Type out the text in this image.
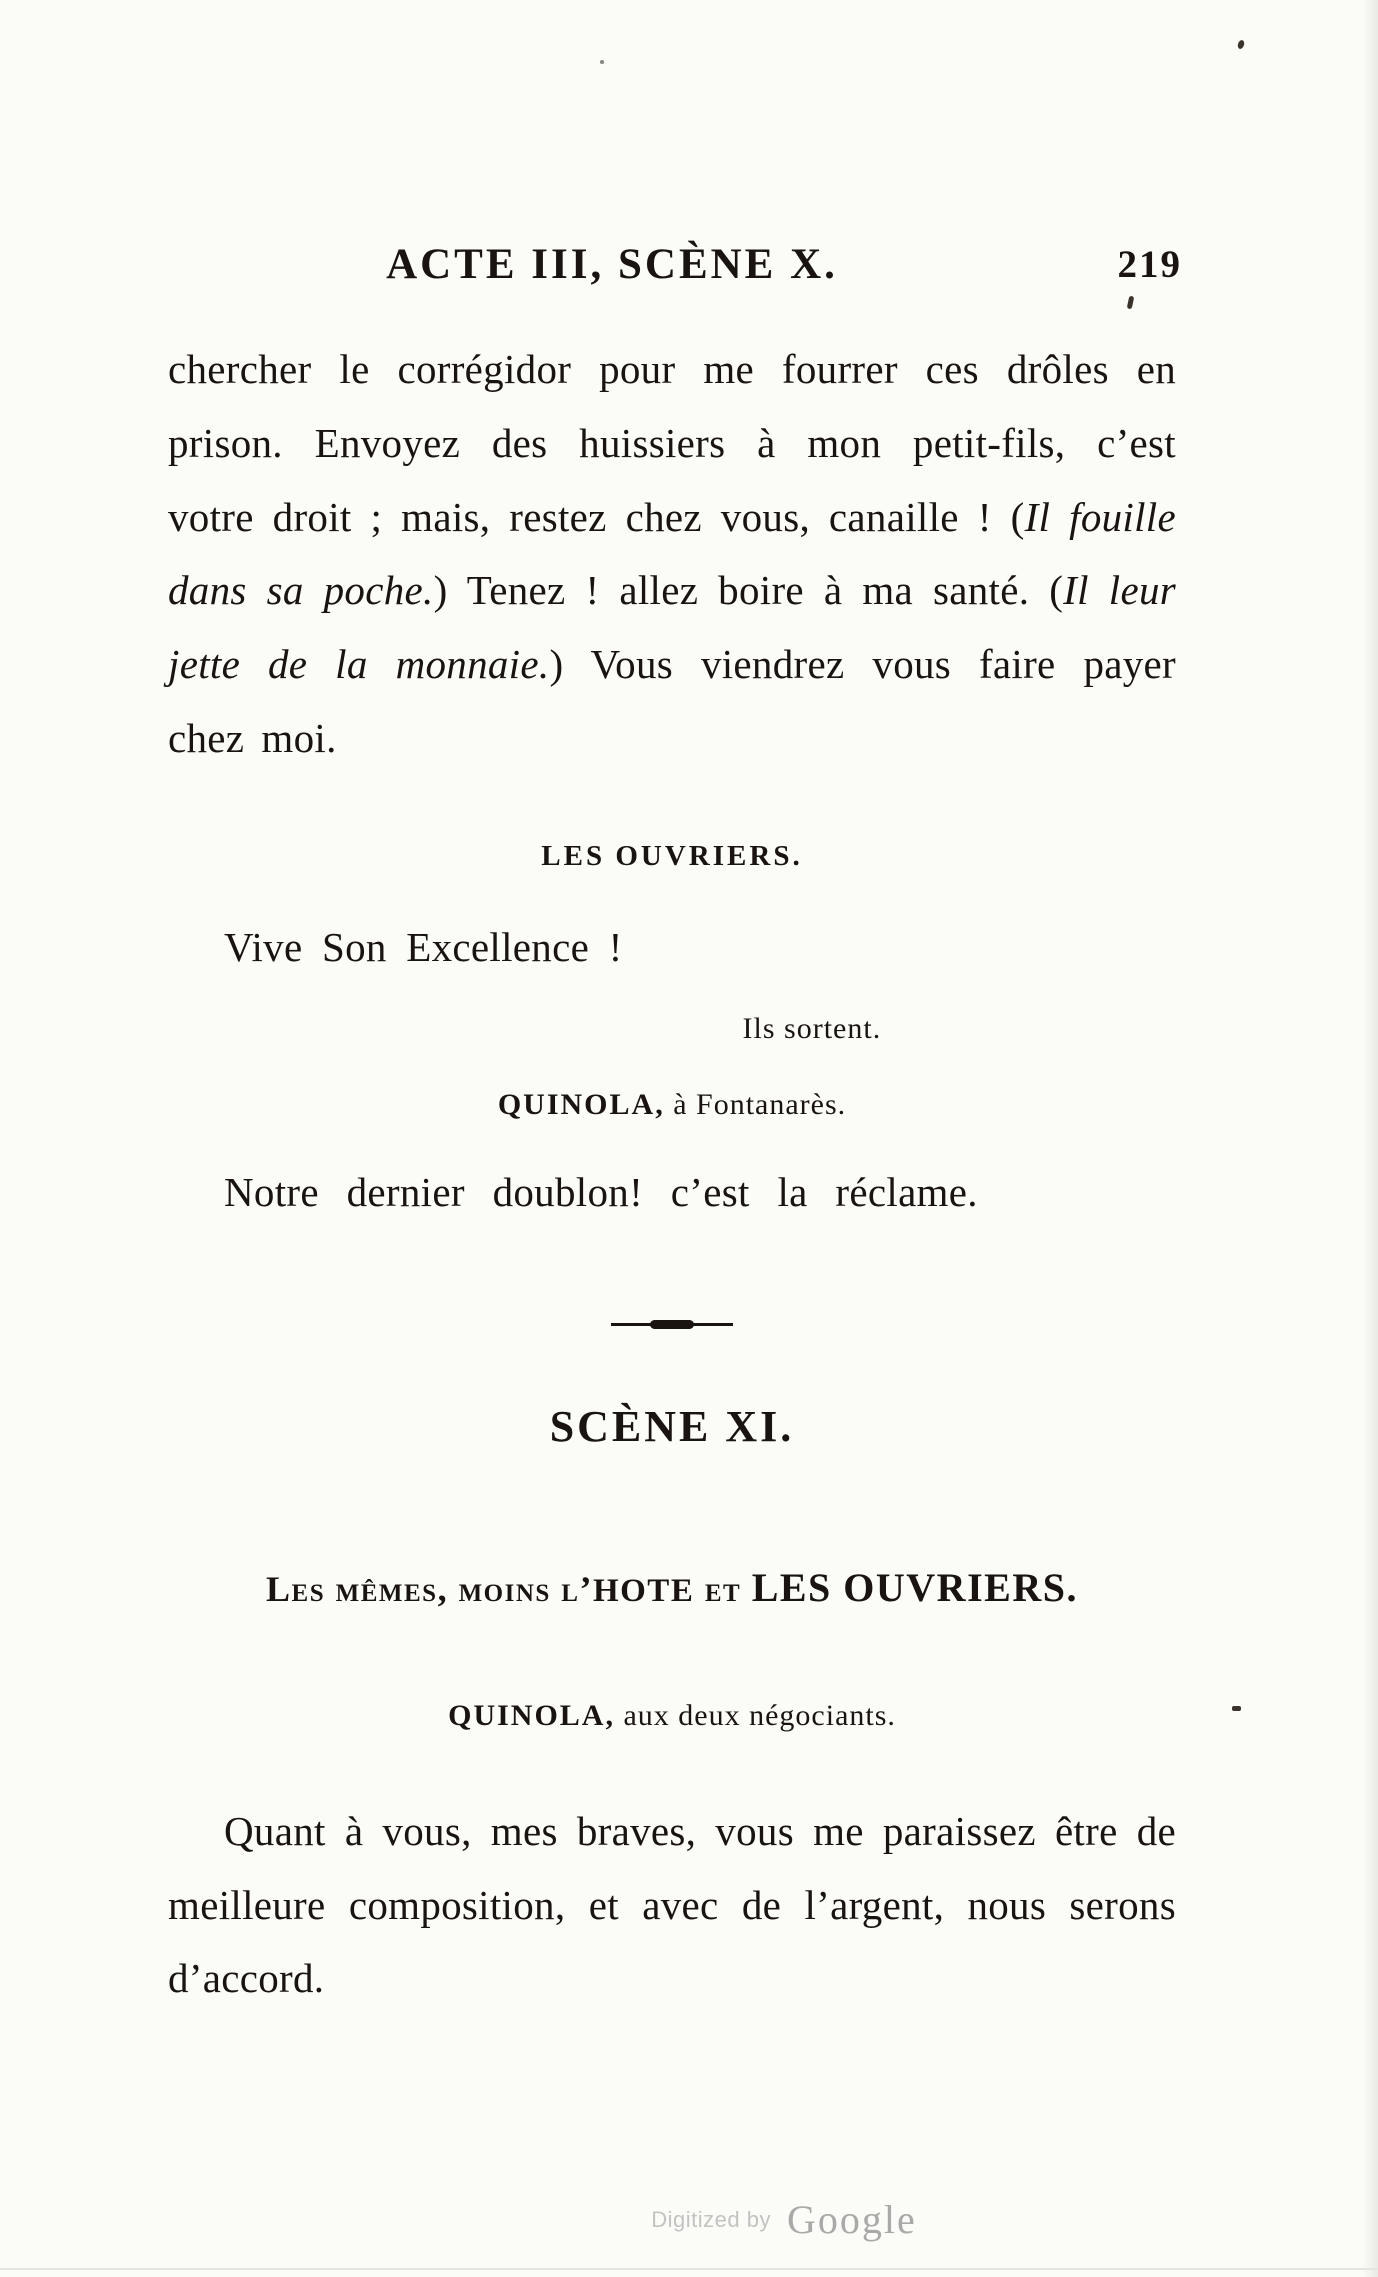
ACTE III, SCÈNE X.	219

chercher le corrégidor pour me fourrer ces drôles en prison. Envoyez des huissiers à mon petit-fils, c’est votre droit ; mais, restez chez vous, canaille ! (Il fouille dans sa poche.) Tenez ! allez boire à ma santé. (Il leur jette de la monnaie.) Vous viendrez vous faire payer chez moi.

LES OUVRIERS.

Vive Son Excellence !

Ils sortent.

QUINOLA, à Fontanarès.

Notre dernier doublon! c’est la réclame.

SCÈNE XI.

Les mêmes, moins l’HOTE et LES OUVRIERS.

QUINOLA, aux deux négociants.

Quant à vous, mes braves, vous me paraissez être de meilleure composition, et avec de l’argent, nous serons d’accord.

Digitized by Google
